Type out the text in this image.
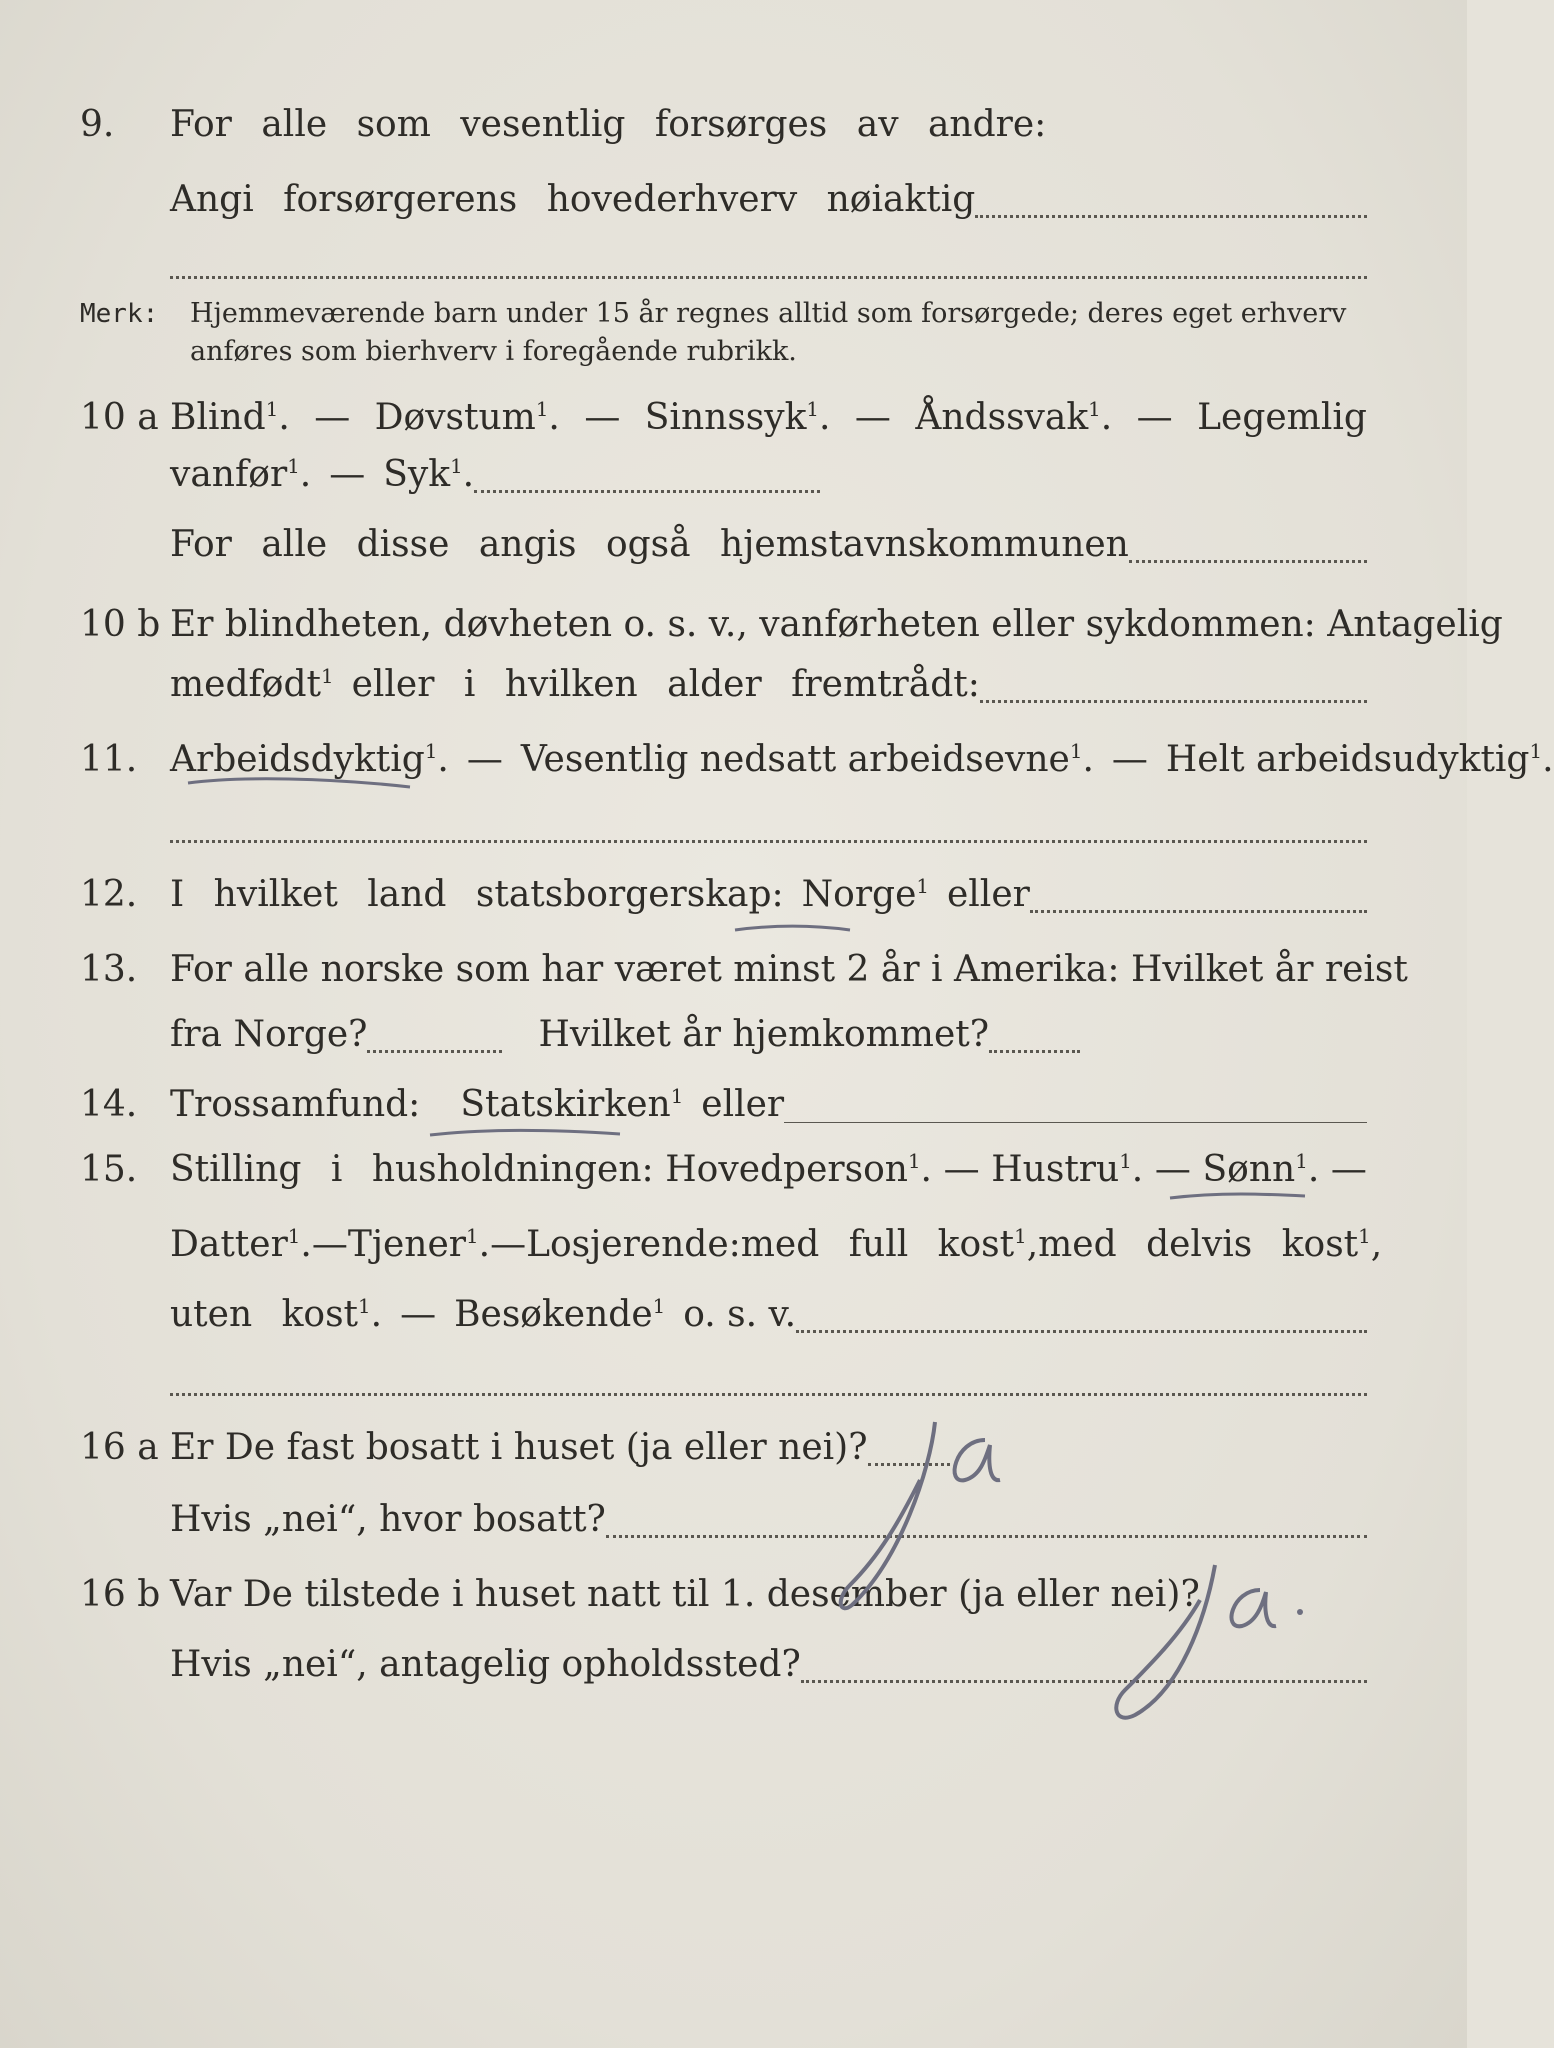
9. For alle som vesentlig forsørges av andre:
Angi forsørgerens hovederhverv nøiaktig
Merk: Hjemmeværende barn under 15 år regnes alltid som forsørgede; deres eget erhverv
anføres som bierhverv i foregående rubrikk.
10 a Blind$^1$. — Døvstum$^1$. — Sinnssyk$^1$. — Åndssvak$^1$. — Legemlig
vanfør$^1$. — Syk$^1$.
For alle disse angis også hjemstavnskommunen
10 b Er blindheten, døvheten o. s. v., vanførheten eller sykdommen: Antagelig
medfødt$^1$ eller i hvilken alder fremtrådt:
11. Arbeidsdyktig$^1$. — Vesentlig nedsatt arbeidsevne$^1$. — Helt arbeidsudyktig$^1$.
12. I hvilket land statsborgerskap: Norge$^1$ eller
13. For alle norske som har været minst 2 år i Amerika: Hvilket år reist
fra Norge?	Hvilket år hjemkommet?
14. Trossamfund: Statskirken$^1$ eller
15. Stilling i husholdningen: Hovedperson$^1$. — Hustru$^1$. — Sønn$^1$. —
Datter$^1$. — Tjener$^1$. — Losjerende: med full kost$^1$, med delvis kost$^1$,
uten kost$^1$. — Besøkende$^1$ o. s. v.
16 a Er De fast bosatt i huset (ja eller nei)?
Hvis „nei“, hvor bosatt?
16 b Var De tilstede i huset natt til 1. desember (ja eller nei)?
Hvis „nei“, antagelig opholdssted?
